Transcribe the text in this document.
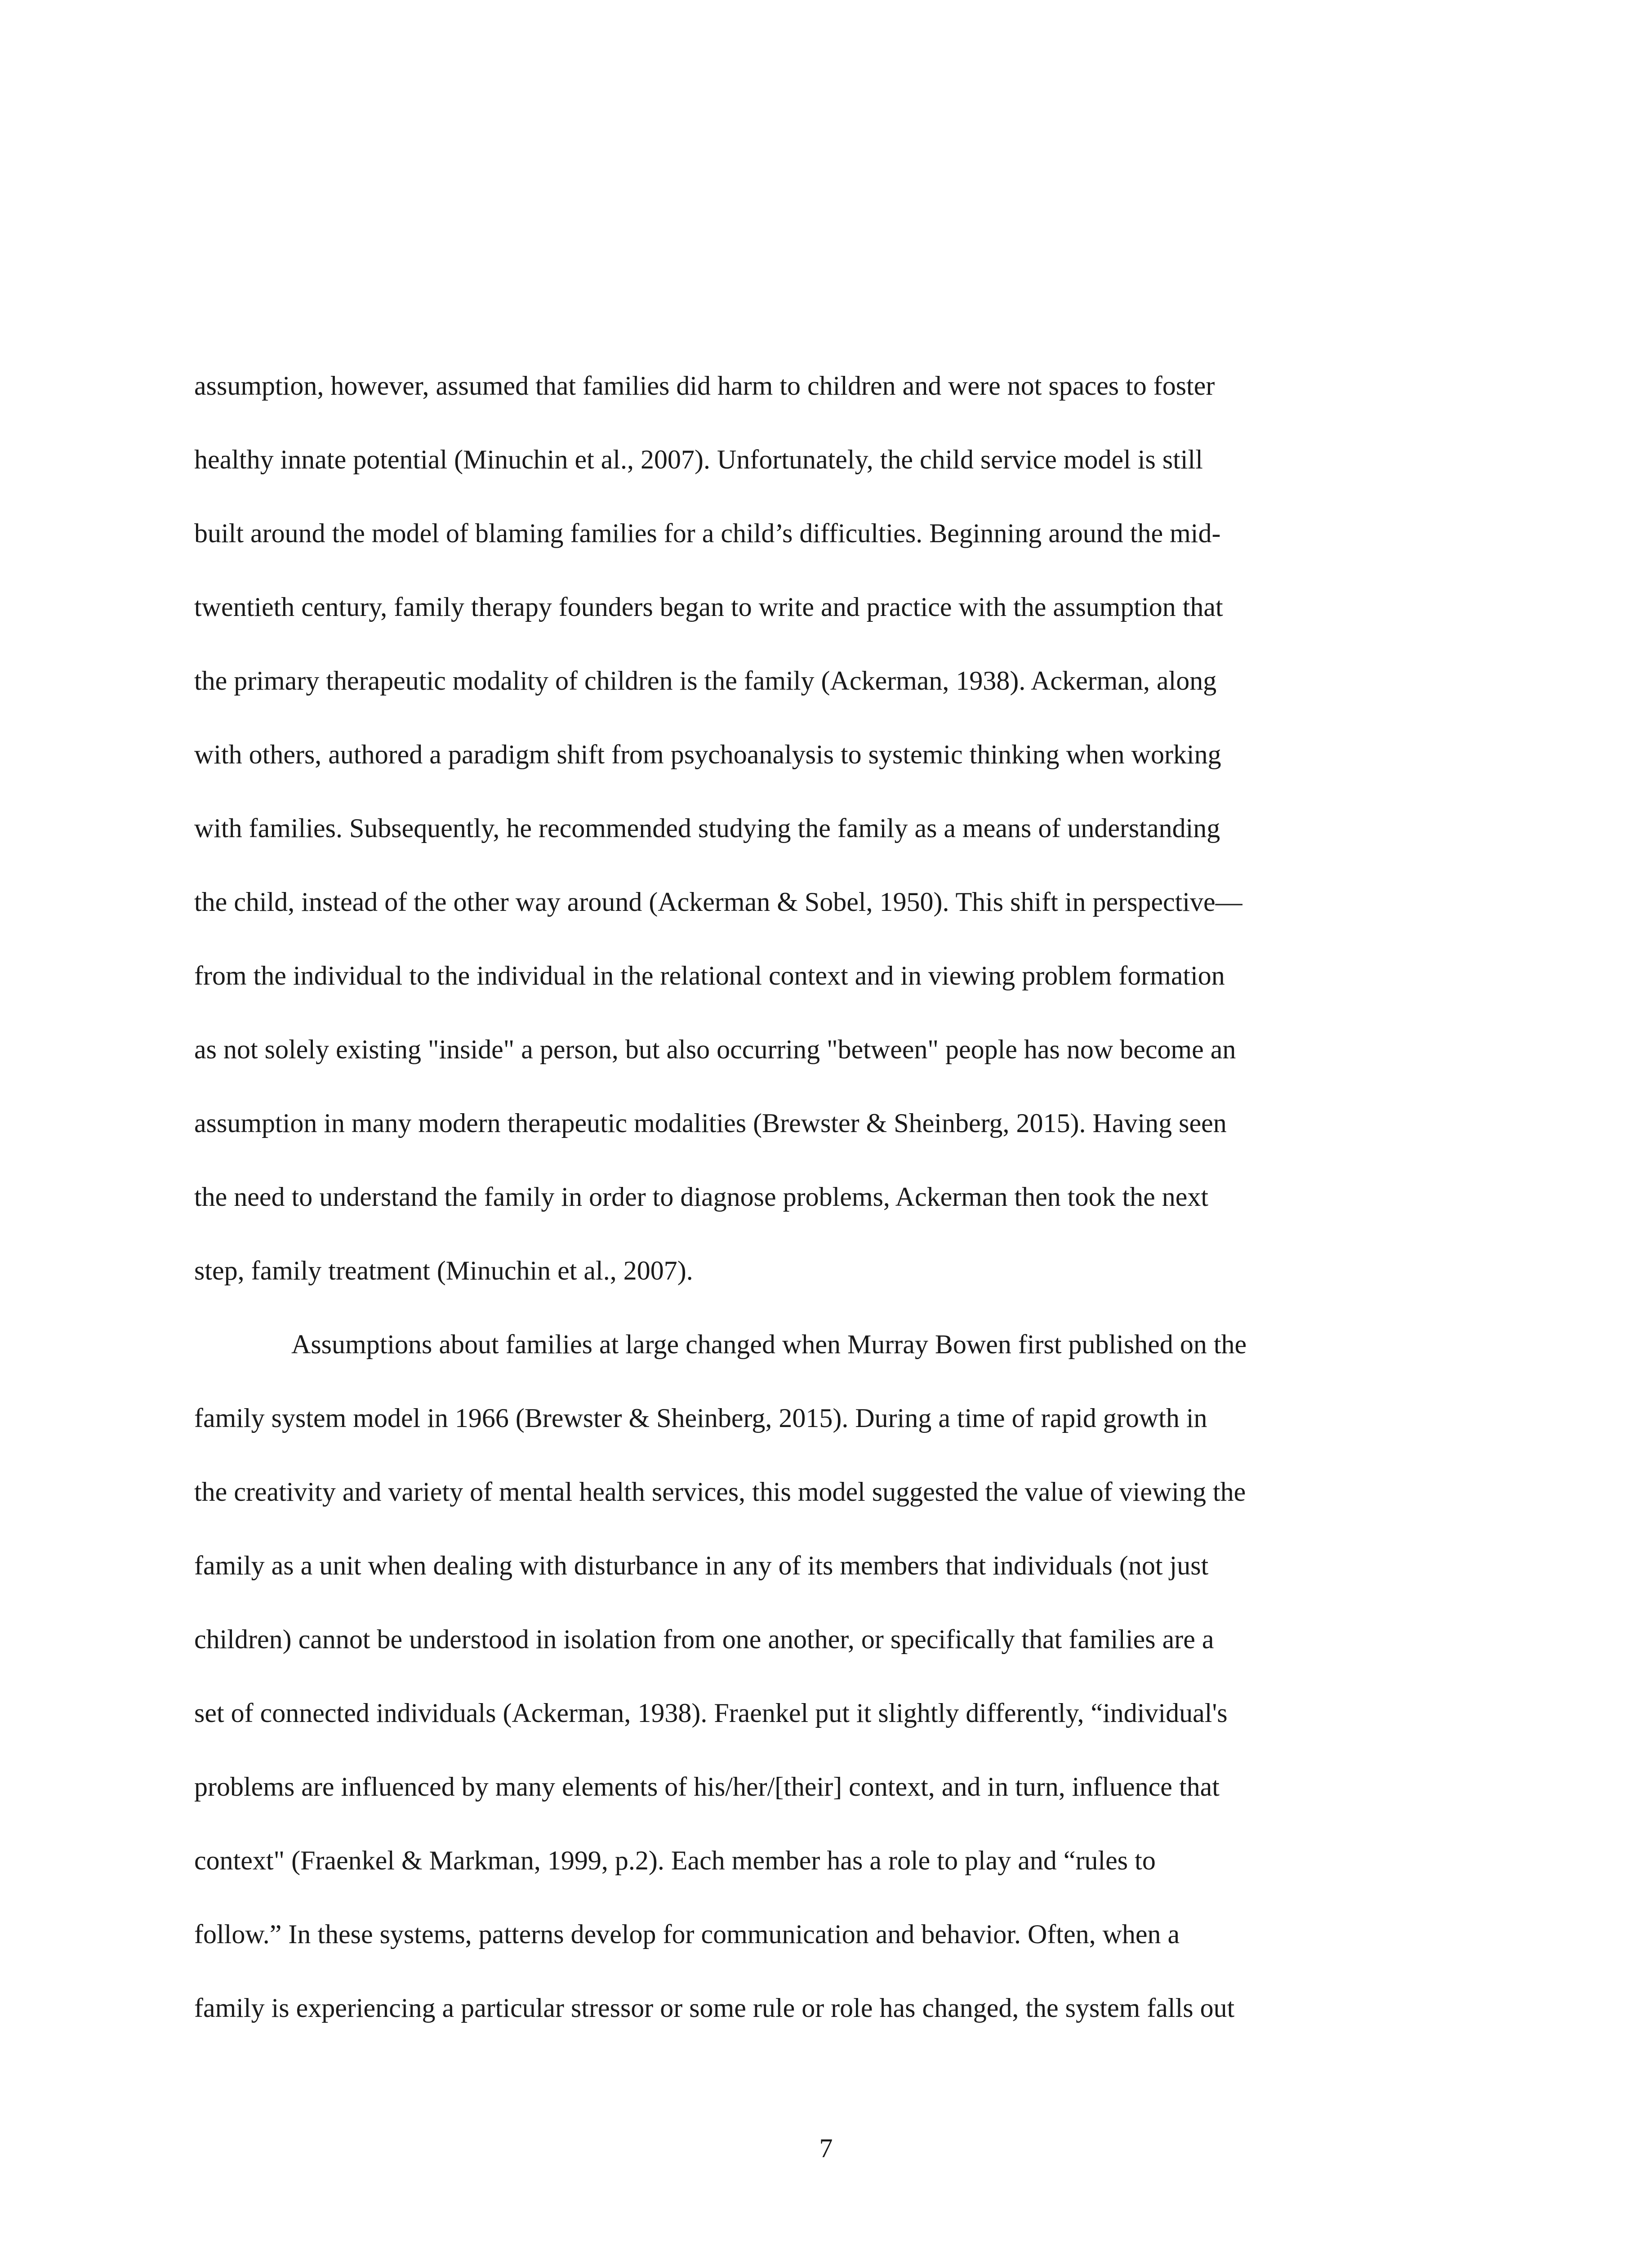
assumption, however, assumed that families did harm to children and were not spaces to foster
healthy innate potential (Minuchin et al., 2007). Unfortunately, the child service model is still
built around the model of blaming families for a child’s difficulties. Beginning around the mid-
twentieth century, family therapy founders began to write and practice with the assumption that
the primary therapeutic modality of children is the family (Ackerman, 1938). Ackerman, along
with others, authored a paradigm shift from psychoanalysis to systemic thinking when working
with families. Subsequently, he recommended studying the family as a means of understanding
the child, instead of the other way around (Ackerman & Sobel, 1950). This shift in perspective—
from the individual to the individual in the relational context and in viewing problem formation
as not solely existing "inside" a person, but also occurring "between" people has now become an
assumption in many modern therapeutic modalities (Brewster & Sheinberg, 2015). Having seen
the need to understand the family in order to diagnose problems, Ackerman then took the next
step, family treatment (Minuchin et al., 2007).
Assumptions about families at large changed when Murray Bowen first published on the
family system model in 1966 (Brewster & Sheinberg, 2015). During a time of rapid growth in
the creativity and variety of mental health services, this model suggested the value of viewing the
family as a unit when dealing with disturbance in any of its members that individuals (not just
children) cannot be understood in isolation from one another, or specifically that families are a
set of connected individuals (Ackerman, 1938). Fraenkel put it slightly differently, “individual's
problems are influenced by many elements of his/her/[their] context, and in turn, influence that
context" (Fraenkel & Markman, 1999, p.2). Each member has a role to play and “rules to
follow.” In these systems, patterns develop for communication and behavior. Often, when a
family is experiencing a particular stressor or some rule or role has changed, the system falls out
7
